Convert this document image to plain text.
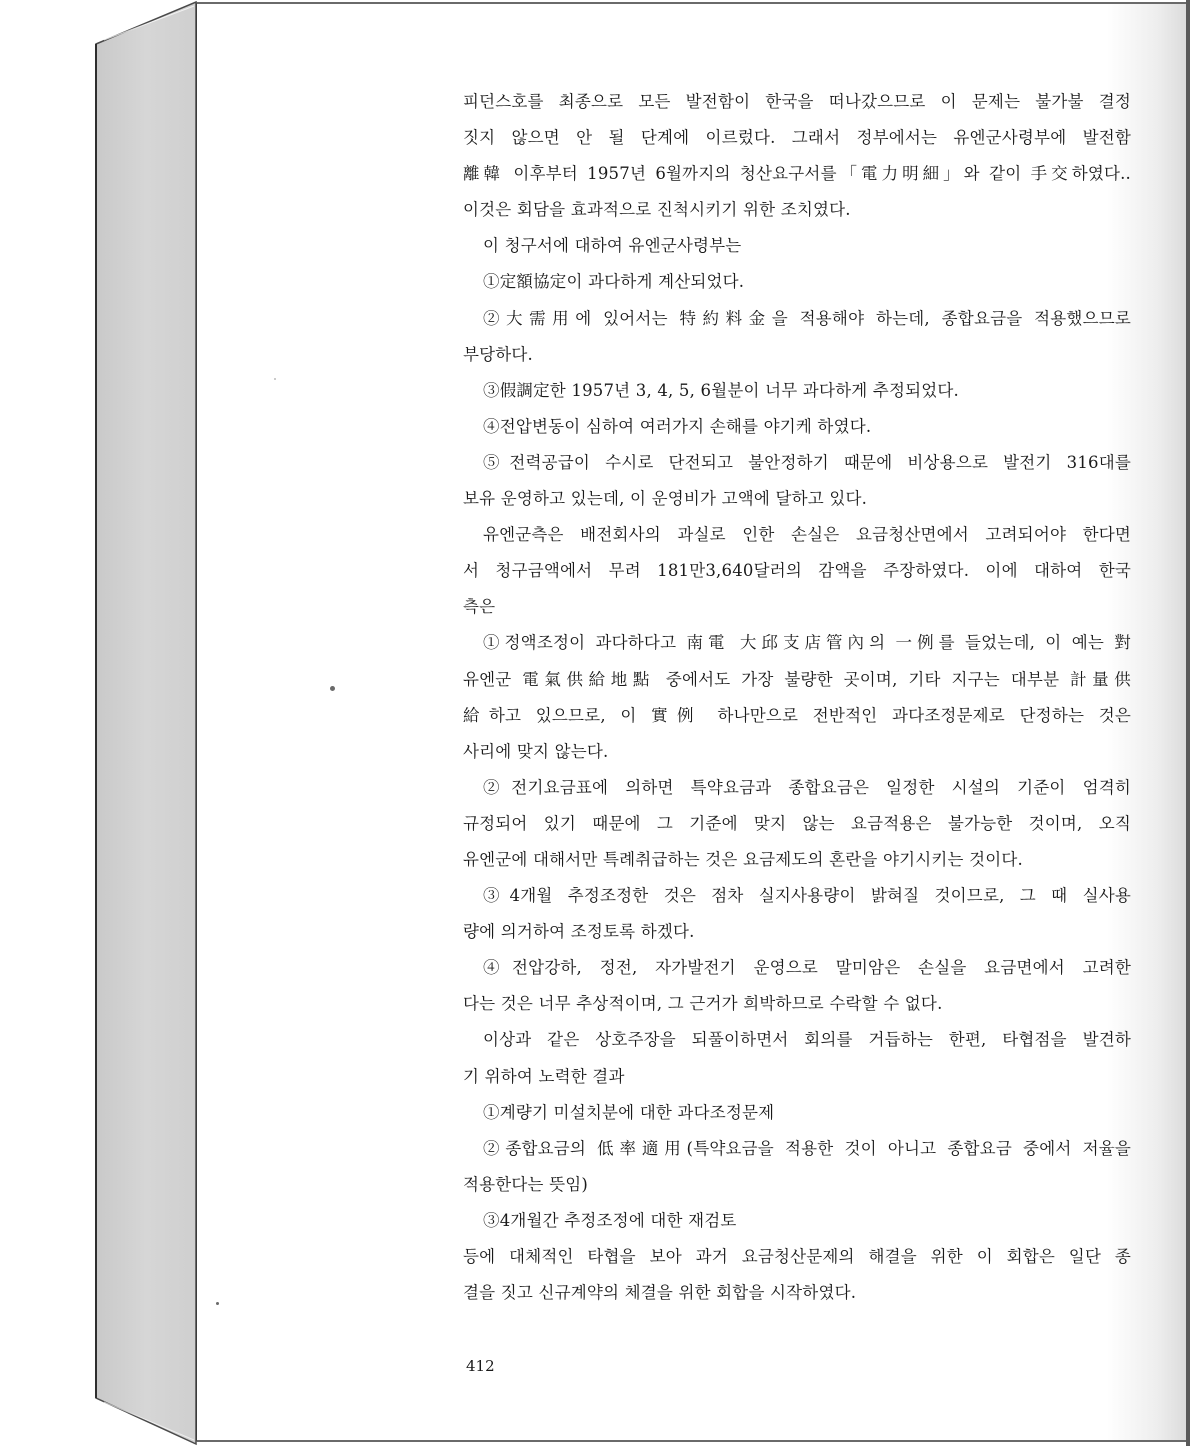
피던스호를 최종으로 모든 발전함이 한국을 떠나갔으므로 이 문제는 불가불 결정
짓지 않으면 안 될 단계에 이르렀다. 그래서 정부에서는 유엔군사령부에 발전함
離韓 이후부터 1957년 6월까지의 청산요구서를「電力明細」와 같이 手交하였다..
이것은 회담을 효과적으로 진척시키기 위한 조치였다.
이 청구서에 대하여 유엔군사령부는
①定額協定이 과다하게 계산되었다.
②大需用에 있어서는 特約料金을 적용해야 하는데, 종합요금을 적용했으므로
부당하다.
③假調定한 1957년 3, 4, 5, 6월분이 너무 과다하게 추정되었다.
④전압변동이 심하여 여러가지 손해를 야기케 하였다.
⑤전력공급이 수시로 단전되고 불안정하기 때문에 비상용으로 발전기 316대를
보유 운영하고 있는데, 이 운영비가 고액에 달하고 있다.
유엔군측은 배전회사의 과실로 인한 손실은 요금청산면에서 고려되어야 한다면
서 청구금액에서 무려 181만3,640달러의 감액을 주장하였다. 이에 대하여 한국
측은
①정액조정이 과다하다고 南電 大邱支店管內의 一例를 들었는데, 이 예는 對
유엔군 電氣供給地點 중에서도 가장 불량한 곳이며, 기타 지구는 대부분 計量供
給하고 있으므로, 이 實例 하나만으로 전반적인 과다조정문제로 단정하는 것은
사리에 맞지 않는다.
②전기요금표에 의하면 특약요금과 종합요금은 일정한 시설의 기준이 엄격히
규정되어 있기 때문에 그 기준에 맞지 않는 요금적용은 불가능한 것이며, 오직
유엔군에 대해서만 특례취급하는 것은 요금제도의 혼란을 야기시키는 것이다.
③4개월 추정조정한 것은 점차 실지사용량이 밝혀질 것이므로, 그 때 실사용
량에 의거하여 조정토록 하겠다.
④전압강하, 정전, 자가발전기 운영으로 말미암은 손실을 요금면에서 고려한
다는 것은 너무 추상적이며, 그 근거가 희박하므로 수락할 수 없다.
이상과 같은 상호주장을 되풀이하면서 회의를 거듭하는 한편, 타협점을 발견하
기 위하여 노력한 결과
①계량기 미설치분에 대한 과다조정문제
②종합요금의 低率適用(특약요금을 적용한 것이 아니고 종합요금 중에서 저율을
적용한다는 뜻임)
③4개월간 추정조정에 대한 재검토
등에 대체적인 타협을 보아 과거 요금청산문제의 해결을 위한 이 회합은 일단 종
결을 짓고 신규계약의 체결을 위한 회합을 시작하였다.
412
